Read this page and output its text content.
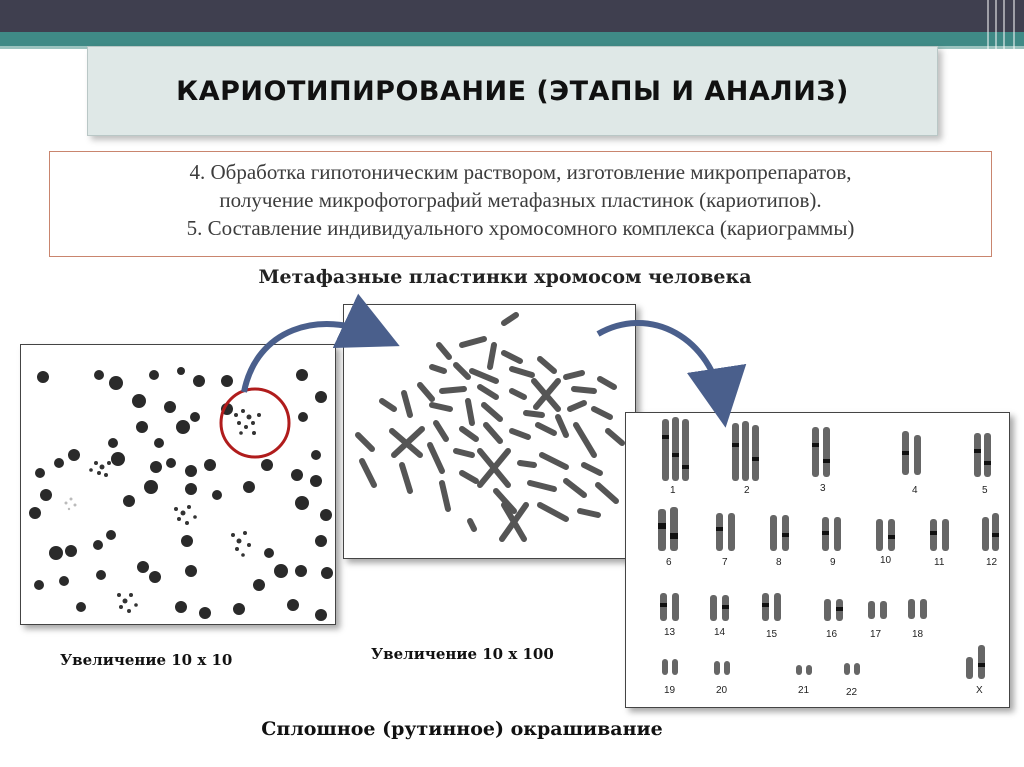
КАРИОТИПИРОВАНИЕ (ЭТАПЫ И АНАЛИЗ)

4. Обработка гипотоническим раствором, изготовление микропрепаратов,

получение микрофотографий метафазных пластинок (кариотипов).

5. Составление индивидуального хромосомного комплекса (кариограммы)

Метафазные пластинки хромосом человека
1	2	3	4	5
6	7	8	9	10	11	12
13	14	15	16	17	18
19	20	21	22	X
Увеличение 10 х 10	Увеличение 10 х 100
Сплошное (рутинное) окрашивание
